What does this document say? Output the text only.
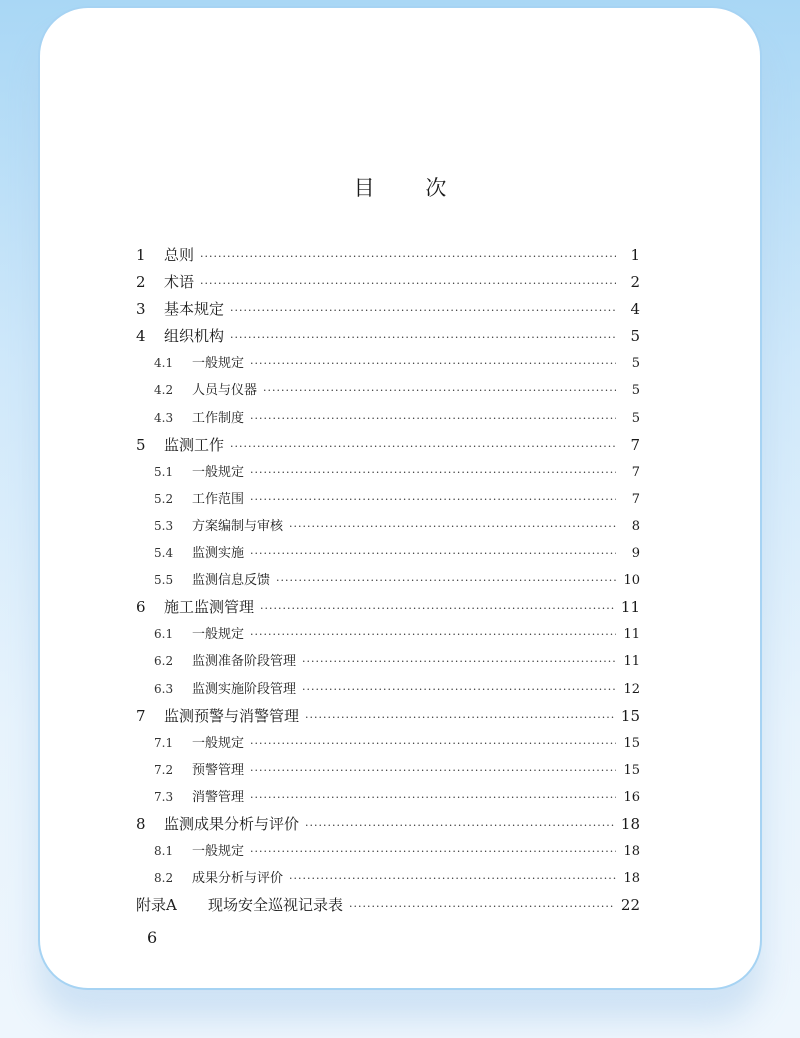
目 次
1	总则 ·····	1
2	术语 ·····	2
3	基本规定 ·····	4
4	组织机构 ·····	5
4.1	一般规定 ·····	5
4.2	人员与仪器 ·····	5
4.3	工作制度 ·····	5
5	监测工作 ·····	7
5.1	一般规定 ·····	7
5.2	工作范围 ·····	7
5.3	方案编制与审核 ·····	8
5.4	监测实施 ·····	9
5.5	监测信息反馈 ·····	10
6	施工监测管理 ·····	11
6.1	一般规定 ·····	11
6.2	监测准备阶段管理 ·····	11
6.3	监测实施阶段管理 ·····	12
7	监测预警与消警管理 ·····	15
7.1	一般规定 ·····	15
7.2	预警管理 ·····	15
7.3	消警管理 ·····	16
8	监测成果分析与评价 ·····	18
8.1	一般规定 ·····	18
8.2	成果分析与评价 ·····	18
附录A	现场安全巡视记录表 ·····	22
6
